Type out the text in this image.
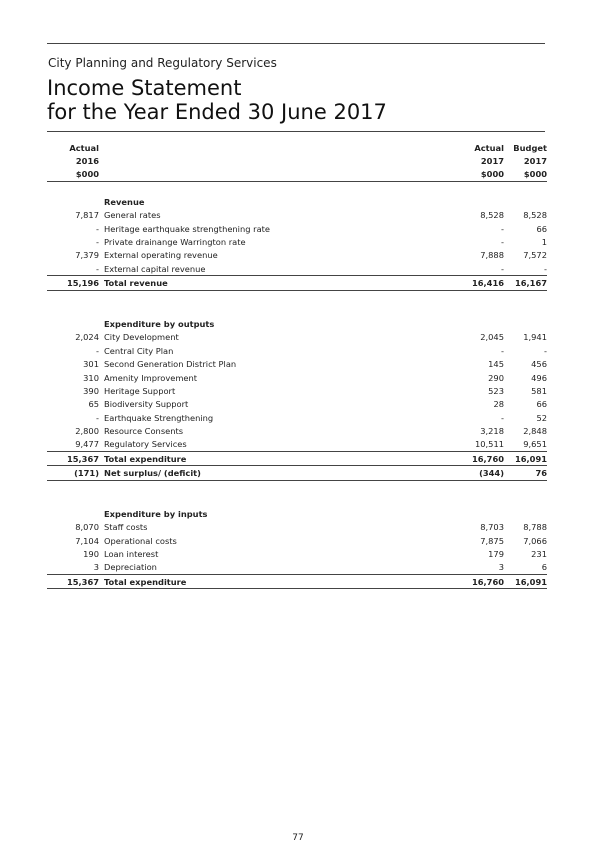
City Planning and Regulatory Services
Income Statement
for the Year Ended 30 June 2017
Actual		Actual	Budget
2016		2017	2017
$000		$000	$000

	Revenue		
7,817	General rates	8,528	8,528
-	Heritage earthquake strengthening rate	-	66
-	Private drainange Warrington rate	-	1
7,379	External operating revenue	7,888	7,572
-	External capital revenue	-	-
15,196	Total revenue	16,416	16,167

	Expenditure by outputs		
2,024	City Development	2,045	1,941
-	Central City Plan	-	-
301	Second Generation District Plan	145	456
310	Amenity Improvement	290	496
390	Heritage Support	523	581
65	Biodiversity Support	28	66
-	Earthquake Strengthening	-	52
2,800	Resource Consents	3,218	2,848
9,477	Regulatory Services	10,511	9,651
15,367	Total expenditure	16,760	16,091
(171)	Net surplus/ (deficit)	(344)	76

	Expenditure by inputs		
8,070	Staff costs	8,703	8,788
7,104	Operational costs	7,875	7,066
190	Loan interest	179	231
3	Depreciation	3	6
15,367	Total expenditure	16,760	16,091
77
